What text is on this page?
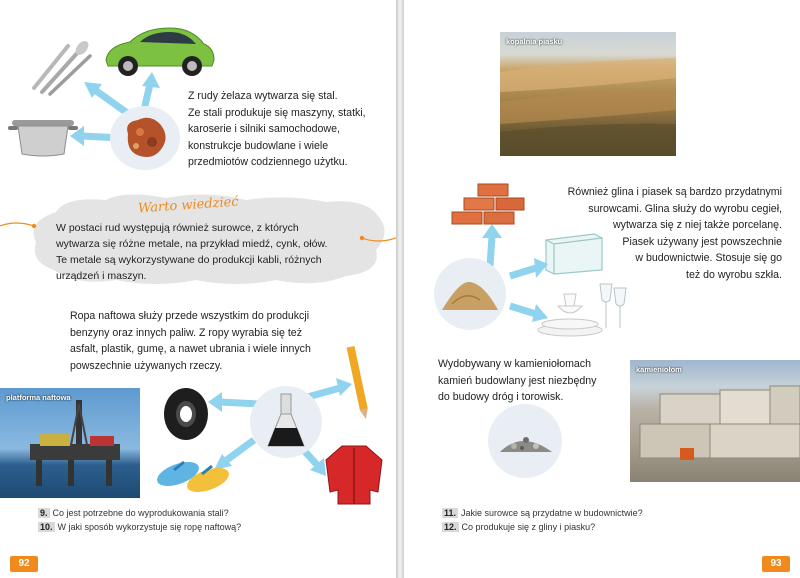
Z rudy żelaza wytwarza się stal.
Ze stali produkuje się maszyny, statki,
karoserie i silniki samochodowe,
konstrukcje budowlane i wiele
przedmiotów codziennego użytku.
Warto wiedzieć
W postaci rud występują również surowce, z których
wytwarza się różne metale, na przykład miedź, cynk, ołów.
Te metale są wykorzystywane do produkcji kabli, różnych
urządzeń i maszyn.
Ropa naftowa służy przede wszystkim do produkcji
benzyny oraz innych paliw. Z ropy wyrabia się też
asfalt, plastik, gumę, a nawet ubrania i wiele innych
powszechnie używanych rzeczy.
platforma naftowa
9. Co jest potrzebne do wyprodukowania stali?
10. W jaki sposób wykorzystuje się ropę naftową?
92
kopalnia piasku
Również glina i piasek są bardzo przydatnymi
surowcami. Glina służy do wyrobu cegieł,
wytwarza się z niej także porcelanę.
Piasek używany jest powszechnie
w budownictwie. Stosuje się go
też do wyrobu szkła.
Wydobywany w kamieniołomach
kamień budowlany jest niezbędny
do budowy dróg i torowisk.
kamieniołom
11. Jakie surowce są przydatne w budownictwie?
12. Co produkuje się z gliny i piasku?
93
